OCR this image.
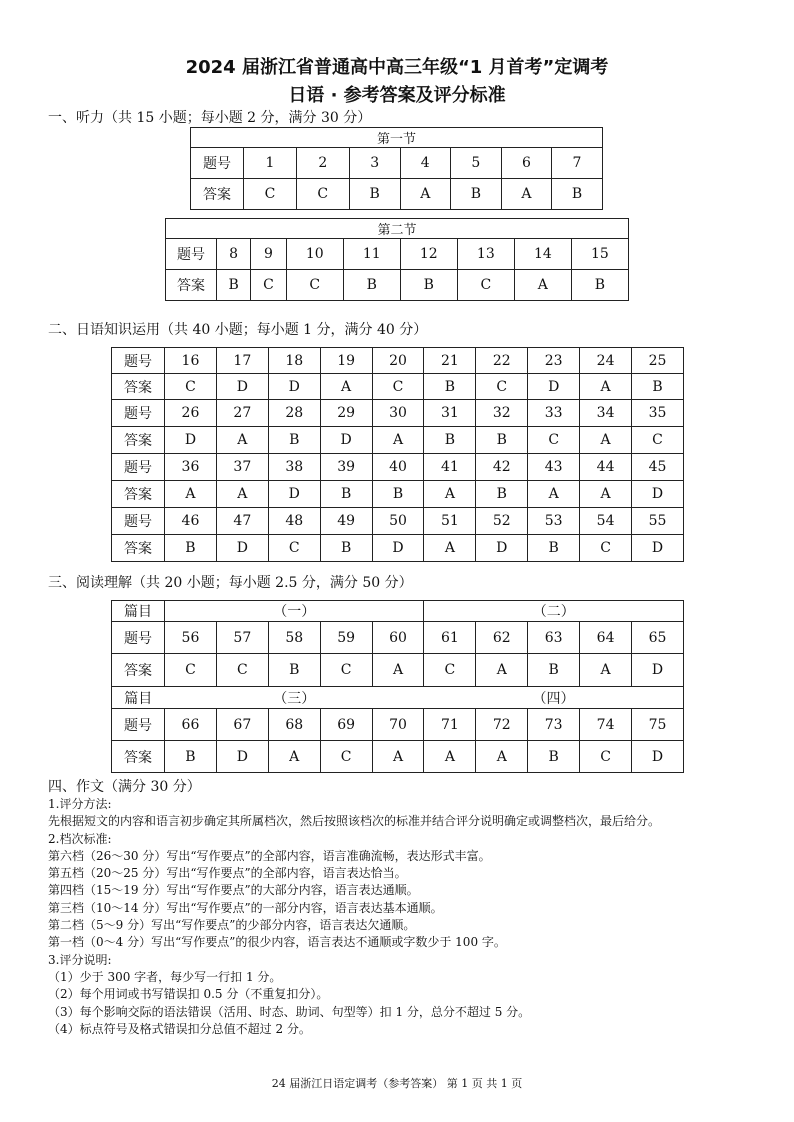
2024 届浙江省普通高中高三年级“1 月首考”定调考
日语 · 参考答案及评分标准
一、听力（共 15 小题；每小题 2 分，满分 30 分）
第一节							
题号	1	2	3	4	5	6	7
答案	C	C	B	A	B	A	B
第二节								
题号	8	9	10	11	12	13	14	15
答案	B	C	C	B	B	C	A	B
二、日语知识运用（共 40 小题；每小题 1 分，满分 40 分）
题号	16	17	18	19	20	21	22	23	24	25
答案	C	D	D	A	C	B	C	D	A	B
题号	26	27	28	29	30	31	32	33	34	35
答案	D	A	B	D	A	B	B	C	A	C
题号	36	37	38	39	40	41	42	43	44	45
答案	A	A	D	B	B	A	B	A	A	D
题号	46	47	48	49	50	51	52	53	54	55
答案	B	D	C	B	D	A	D	B	C	D
三、阅读理解（共 20 小题；每小题 2.5 分，满分 50 分）
篇目	（一）					（二）				
题号	56	57	58	59	60	61	62	63	64	65
答案	C	C	B	C	A	C	A	B	A	D
篇目	（三）					（四）				
题号	66	67	68	69	70	71	72	73	74	75
答案	B	D	A	C	A	A	A	B	C	D
四、作文（满分 30 分）
1.评分方法:
先根据短文的内容和语言初步确定其所属档次，然后按照该档次的标准并结合评分说明确定或调整档次，最后给分。
2.档次标准:
第六档（26～30 分）写出“写作要点”的全部内容，语言准确流畅，表达形式丰富。
第五档（20～25 分）写出“写作要点”的全部内容，语言表达恰当。
第四档（15～19 分）写出“写作要点”的大部分内容，语言表达通顺。
第三档（10～14 分）写出“写作要点”的一部分内容，语言表达基本通顺。
第二档（5～9 分）写出“写作要点”的少部分内容，语言表达欠通顺。
第一档（0～4 分）写出“写作要点”的很少内容，语言表达不通顺或字数少于 100 字。
3.评分说明:
（1）少于 300 字者，每少写一行扣 1 分。
（2）每个用词或书写错误扣 0.5 分（不重复扣分）。
（3）每个影响交际的语法错误（活用、时态、助词、句型等）扣 1 分，总分不超过 5 分。
（4）标点符号及格式错误扣分总值不超过 2 分。
24 届浙江日语定调考（参考答案） 第 1 页 共 1 页
